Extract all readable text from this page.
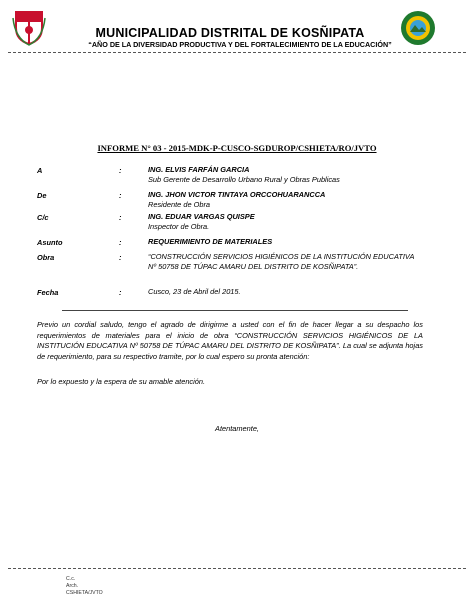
MUNICIPALIDAD DISTRITAL DE KOSÑIPATA
“AÑO DE LA DIVERSIDAD PRODUCTIVA Y DEL FORTALECIMIENTO DE LA EDUCACIÓN”
INFORME N° 03 - 2015-MDK-P-CUSCO-SGDUROP/CSHIETA/RO/JVTO
A	:	ING. ELVIS FARFÁN GARCIA
Sub Gerente de Desarrollo Urbano Rural y Obras Publicas
De	:	ING. JHON VICTOR TINTAYA ORCCOHUARANCCA
Residente de Obra
C/c	:	ING. EDUAR VARGAS QUISPE
Inspector de Obra.
Asunto	:	REQUERIMIENTO DE MATERIALES
Obra	:	“CONSTRUCCIÓN SERVICIOS HIGIÉNICOS DE LA INSTITUCIÓN EDUCATIVA Nº 50758 DE TÚPAC AMARU DEL DISTRITO DE KOSÑIPATA”.
Fecha	:	Cusco, 23 de Abril del 2015.
Previo un cordial saludo, tengo el agrado de dirigirme a usted con el fin de hacer llegar a su despacho los requerimientos de materiales para el inicio de obra “CONSTRUCCIÓN SERVICIOS HIGIÉNICOS DE LA INSTITUCIÓN EDUCATIVA Nº 50758 DE TÚPAC AMARU DEL DISTRITO DE KOSÑIPATA”. La cual se adjunta hojas de requerimiento, para su respectivo tramite, por lo cual espero su pronta atención:
Por lo expuesto y la espera de su amable atención.
Atentamente,
C.c.
Arch.
CSHIETA/JVTO
